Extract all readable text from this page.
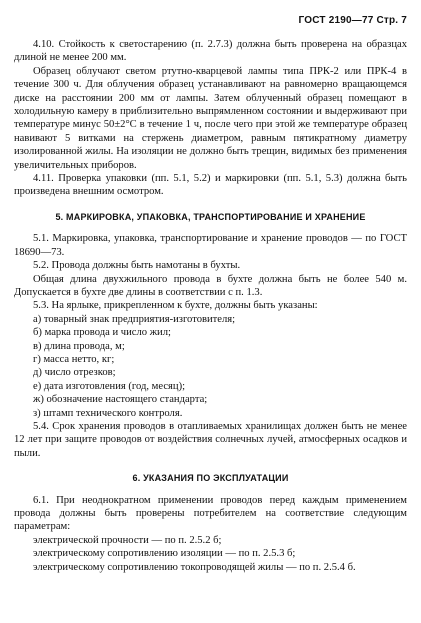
ГОСТ 2190—77 Стр. 7
4.10. Стойкость к светостарению (п. 2.7.3) должна быть проверена на образцах длиной не менее 200 мм.
Образец облучают светом ртутно-кварцевой лампы типа ПРК-2 или ПРК-4 в течение 300 ч. Для облучения образец устанавливают на равномерно вращающемся диске на расстоянии 200 мм от лампы. Затем облученный образец помещают в холодильную камеру в приблизительно выпрямленном состоянии и выдерживают при температуре минус 50±2°С в течение 1 ч, после чего при этой же температуре образец навивают 5 витками на стержень диаметром, равным пятикратному диаметру изолированной жилы. На изоляции не должно быть трещин, видимых без применения увеличительных приборов.
4.11. Проверка упаковки (пп. 5.1, 5.2) и маркировки (пп. 5.1, 5.3) должна быть произведена внешним осмотром.
5. МАРКИРОВКА, УПАКОВКА, ТРАНСПОРТИРОВАНИЕ И ХРАНЕНИЕ
5.1. Маркировка, упаковка, транспортирование и хранение проводов — по ГОСТ 18690—73.
5.2. Провода должны быть намотаны в бухты.
Общая длина двухжильного провода в бухте должна быть не более 540 м. Допускается в бухте две длины в соответствии с п. 1.3.
5.3. На ярлыке, прикрепленном к бухте, должны быть указаны:
а) товарный знак предприятия-изготовителя;
б) марка провода и число жил;
в) длина провода, м;
г) масса нетто, кг;
д) число отрезков;
е) дата изготовления (год, месяц);
ж) обозначение настоящего стандарта;
з) штамп технического контроля.
5.4. Срок хранения проводов в отапливаемых хранилищах должен быть не менее 12 лет при защите проводов от воздействия солнечных лучей, атмосферных осадков и пыли.
6. УКАЗАНИЯ ПО ЭКСПЛУАТАЦИИ
6.1. При неоднократном применении проводов перед каждым применением провода должны быть проверены потребителем на соответствие следующим параметрам:
электрической прочности — по п. 2.5.2 б;
электрическому сопротивлению изоляции — по п. 2.5.3 б;
электрическому сопротивлению токопроводящей жилы — по п. 2.5.4 б.
